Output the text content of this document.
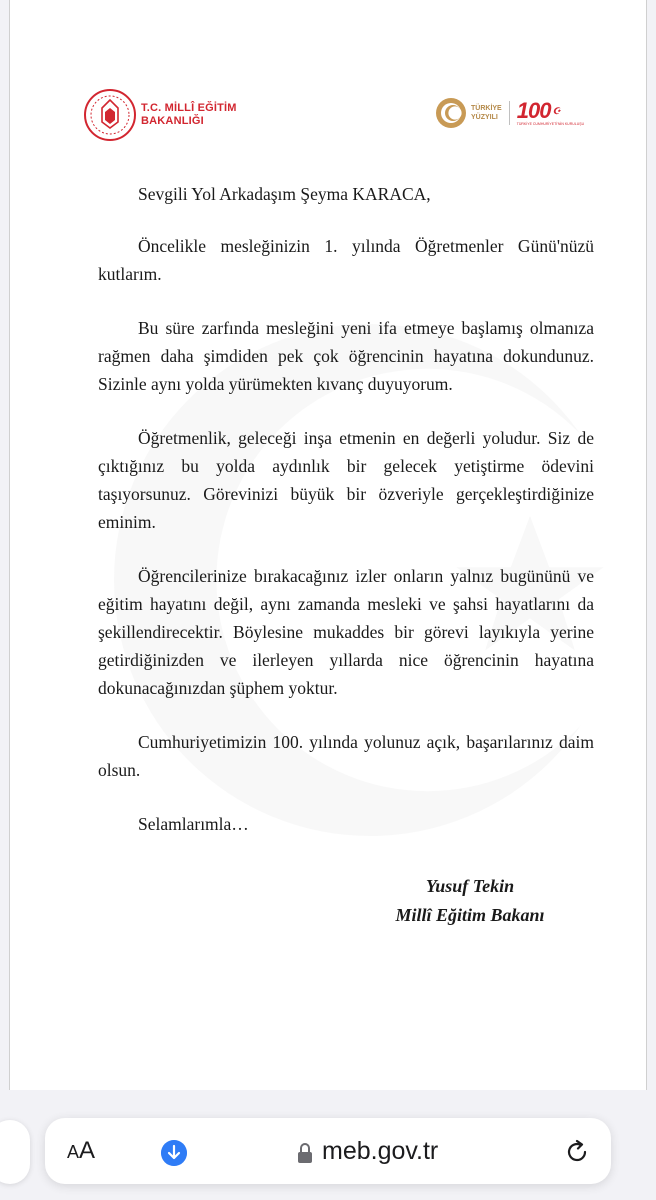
T.C. MİLLÎ EĞİTİM
BAKANLIĞI
TÜRKİYE
YÜZYILI 100 ☪
TÜRKİYE CUMHURİYETİ'NİN KURULUŞU

Sevgili Yol Arkadaşım Şeyma KARACA,

Öncelikle mesleğinizin 1. yılında Öğretmenler Günü'nüzü kutlarım.

Bu süre zarfında mesleğini yeni ifa etmeye başlamış olmanıza rağmen daha şimdiden pek çok öğrencinin hayatına dokundunuz. Sizinle aynı yolda yürümekten kıvanç duyuyorum.

Öğretmenlik, geleceği inşa etmenin en değerli yoludur. Siz de çıktığınız bu yolda aydınlık bir gelecek yetiştirme ödevini taşıyorsunuz. Görevinizi büyük bir özveriyle gerçekleştirdiğinize eminim.

Öğrencilerinize bırakacağınız izler onların yalnız bugününü ve eğitim hayatını değil, aynı zamanda mesleki ve şahsi hayatlarını da şekillendirecektir. Böylesine mukaddes bir görevi layıkıyla yerine getirdiğinizden ve ilerleyen yıllarda nice öğrencinin hayatına dokunacağınızdan şüphem yoktur.

Cumhuriyetimizin 100. yılında yolunuz açık, başarılarınız daim olsun.

Selamlarımla…

Yusuf Tekin
Millî Eğitim Bakanı
AA	meb.gov.tr
